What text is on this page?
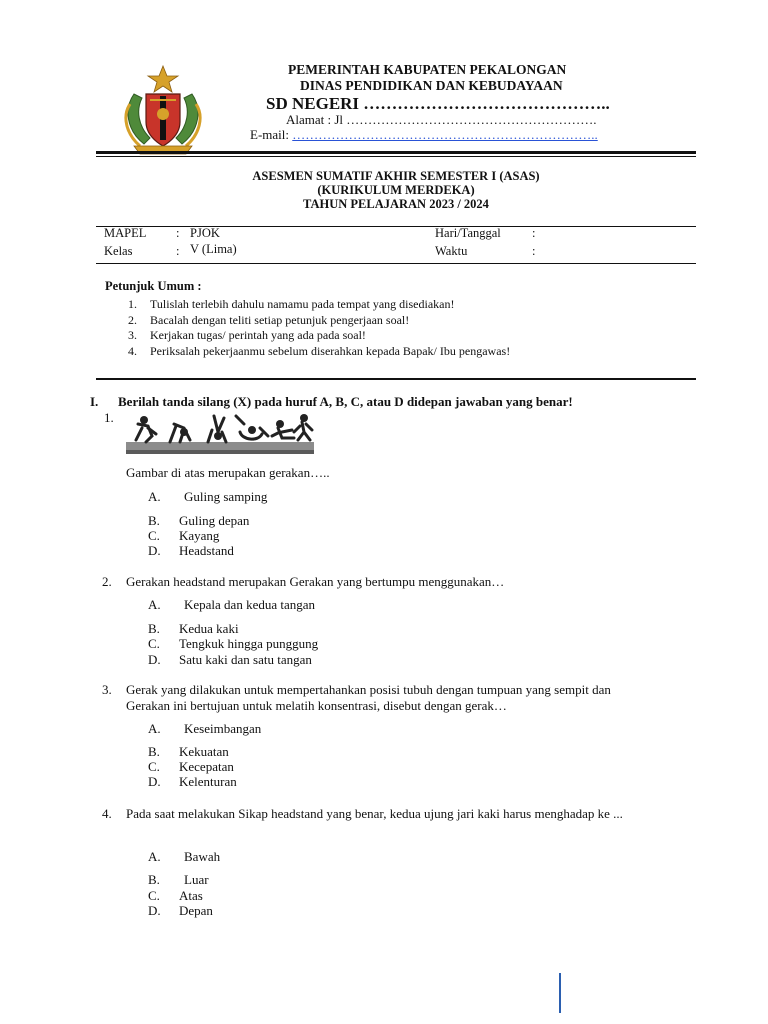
PEMERINTAH KABUPATEN PEKALONGAN
DINAS PENDIDIKAN DAN KEBUDAYAAN
SD NEGERI ……………………………………..
Alamat : Jl ………………………………………………….
E-mail: ……………………………………………………………..
ASESMEN SUMATIF AKHIR SEMESTER I (ASAS)
(KURIKULUM MERDEKA)
TAHUN PELAJARAN 2023 / 2024
MAPEL : PJOK	Hari/Tanggal :
Kelas	: V (Lima)	Waktu	:
Petunjuk Umum :
1. Tulislah terlebih dahulu namamu pada tempat yang disediakan!
2. Bacalah dengan teliti setiap petunjuk pengerjaan soal!
3. Kerjakan tugas/ perintah yang ada pada soal!
4. Periksalah pekerjaanmu sebelum diserahkan kepada Bapak/ Ibu pengawas!
I. Berilah tanda silang (X) pada huruf A, B, C, atau D didepan jawaban yang benar!
1.
Gambar di atas merupakan gerakan…..
A. Guling samping
B. Guling depan
C. Kayang
D. Headstand
2. Gerakan headstand merupakan Gerakan yang bertumpu menggunakan…
A. Kepala dan kedua tangan
B. Kedua kaki
C. Tengkuk hingga punggung
D. Satu kaki dan satu tangan
3. Gerak yang dilakukan untuk mempertahankan posisi tubuh dengan tumpuan yang sempit dan
Gerakan ini bertujuan untuk melatih konsentrasi, disebut dengan gerak…
A. Keseimbangan
B. Kekuatan
C. Kecepatan
D. Kelenturan
4. Pada saat melakukan Sikap headstand yang benar, kedua ujung jari kaki harus menghadap ke ...
A. Bawah
B. Luar
C. Atas
D. Depan
